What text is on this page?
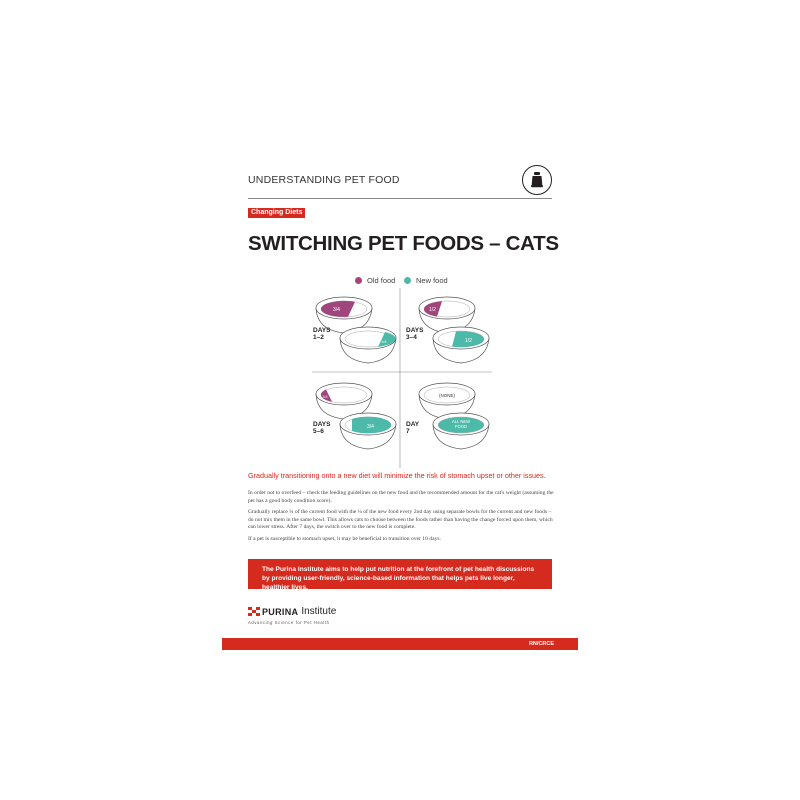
UNDERSTANDING PET FOOD
Changing Diets
SWITCHING PET FOODS – CATS
Old food	New food
3/4
1/4
1/2
1/2
1/4
3/4
(NONE)
ALL NEW
FOOD
DAYS
1–2
DAYS
3–4
DAYS
5–6
DAY
7
Gradually transitioning onto a new diet will minimize the risk of stomach upset or other issues.
In order not to overfeed – check the feeding guidelines on the new food and the recommended amount for the cat's weight (assuming the pet has a good body condition score).
Gradually replace ¼ of the current food with the ¼ of the new food every 2nd day using separate bowls for the current and new foods – do not mix them in the same bowl. This allows cats to choose between the foods rather than having the change forced upon them, which can lower stress. After 7 days, the switch over to the new food is complete.
If a pet is susceptible to stomach upset, it may be beneficial to transition over 10 days.
The Purina Institute aims to help put nutrition at the forefront of pet health discussions by providing user-friendly, science-based information that helps pets live longer, healthier lives.
PURINA Institute
Advancing Science for Pet Health
RN/CRCE
